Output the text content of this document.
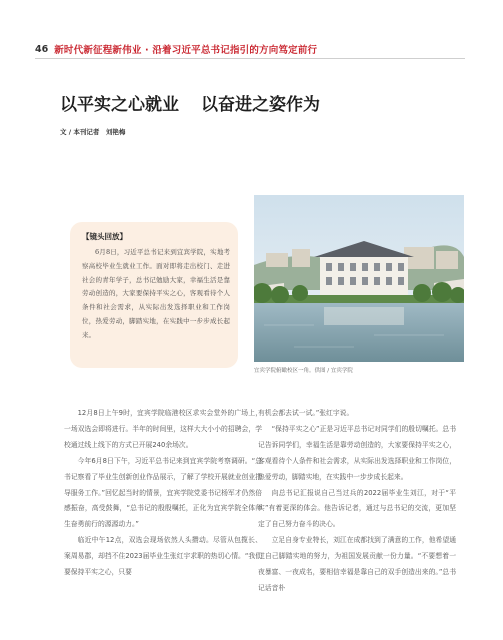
46 新时代新征程新伟业 · 沿着习近平总书记指引的方向笃定前行
以平实之心就业 以奋进之姿作为
文 / 本刊记者　刘艳梅
【镜头回放】
6月8日，习近平总书记来到宜宾学院，实地考察高校毕业生就业工作。面对即将走出校门、走进社会的青年学子，总书记勉励大家，幸福生活是靠劳动创造的，大家要保持平实之心，客观看待个人条件和社会需求，从实际出发选择职业和工作岗位，热爱劳动，脚踏实地，在实践中一步步成长起来。
宜宾学院俯瞰校区一角。供图 / 宜宾学院

12月8日上午9时，宜宾学院临港校区求实会堂外的广场上，一场双选会即将进行。半年的时间里，这样大大小小的招聘会，学校通过线上线下的方式已开展240余场次。

今年6月8日下午，习近平总书记来到宜宾学院考察调研。“总书记察看了毕业生创新创业作品展示，了解了学校开展就业创业指导服务工作。”回忆起当时的情景，宜宾学院党委书记杨军才仍然倍感振奋，高受鼓舞，“总书记的殷殷嘱托，正化为宜宾学院全体师生奋勇前行的源源动力。”

临近中午12点，双选会现场依然人头攒动。尽管从包揽长、案周易郡，却挡不住2023届毕业生张红宇求职的热切心情。“我们要保持平实之心，只要

有机会都去试一试。”张红宇说。

“保持平实之心”正是习近平总书记对同学们的殷切嘱托。总书记告诉同学们，幸福生活是靠劳动创造的，大家要保持平实之心，客观看待个人条件和社会需求，从实际出发选择职业和工作岗位，热爱劳动，脚踏实地，在实践中一步步成长起来。

向总书记汇报说自己当过兵的2022届毕业生刘江，对于“平实”有着更深的体会。他告诉记者，通过与总书记的交流，更加坚定了自己努力奋斗的决心。

立足自身专业特长，刘江在成都找到了满意的工作，他希望通过自己脚踏实地的努力，为祖国发展贡献一份力量。“不要想着一夜暴富、一夜成名，要相信幸福是靠自己的双手创造出来的。”总书记话音朴
